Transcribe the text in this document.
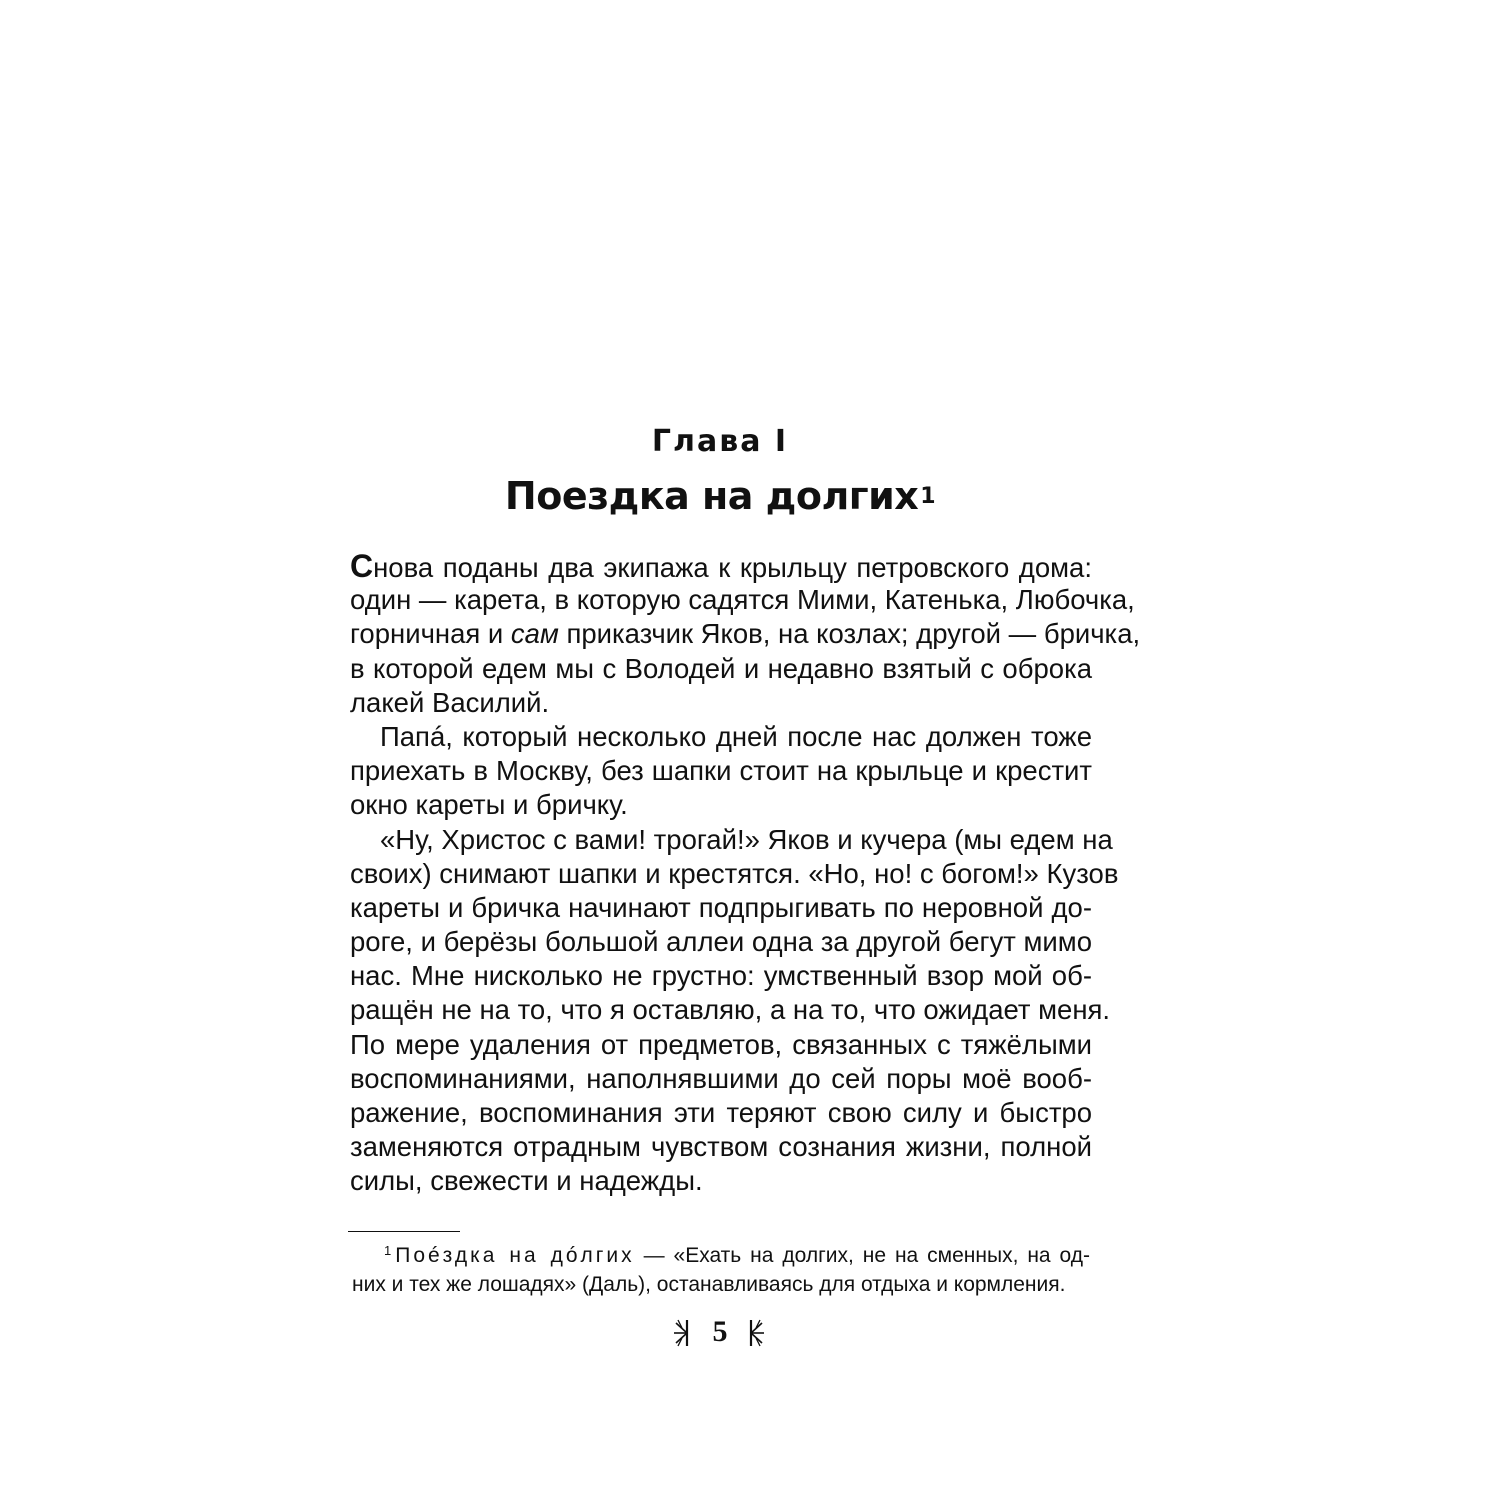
Глава I
Поездка на долгих$^1$
Снова поданы два экипажа к крыльцу петровского дома:
один — карета, в которую садятся Мими, Катенька, Любочка,
горничная и сам приказчик Яков, на козлах; другой — бричка,
в которой едем мы с Володей и недавно взятый с оброка
лакей Василий.
Папá, который несколько дней после нас должен тоже
приехать в Москву, без шапки стоит на крыльце и крестит
окно кареты и бричку.
«Ну, Христос с вами! трогай!» Яков и кучера (мы едем на
своих) снимают шапки и крестятся. «Но, но! с богом!» Кузов
кареты и бричка начинают подпрыгивать по неровной до-
роге, и берёзы большой аллеи одна за другой бегут мимо
нас. Мне нисколько не грустно: умственный взор мой об-
ращён не на то, что я оставляю, а на то, что ожидает меня.
По мере удаления от предметов, связанных с тяжёлыми
воспоминаниями, наполнявшими до сей поры моё вооб-
ражение, воспоминания эти теряют свою силу и быстро
заменяются отрадным чувством сознания жизни, полной
силы, свежести и надежды.
$^1$ Поéздка на дóлгих — «Ехать на долгих, не на сменных, на од-
них и тех же лошадях» (Даль), останавливаясь для отдыха и кормления.
5
